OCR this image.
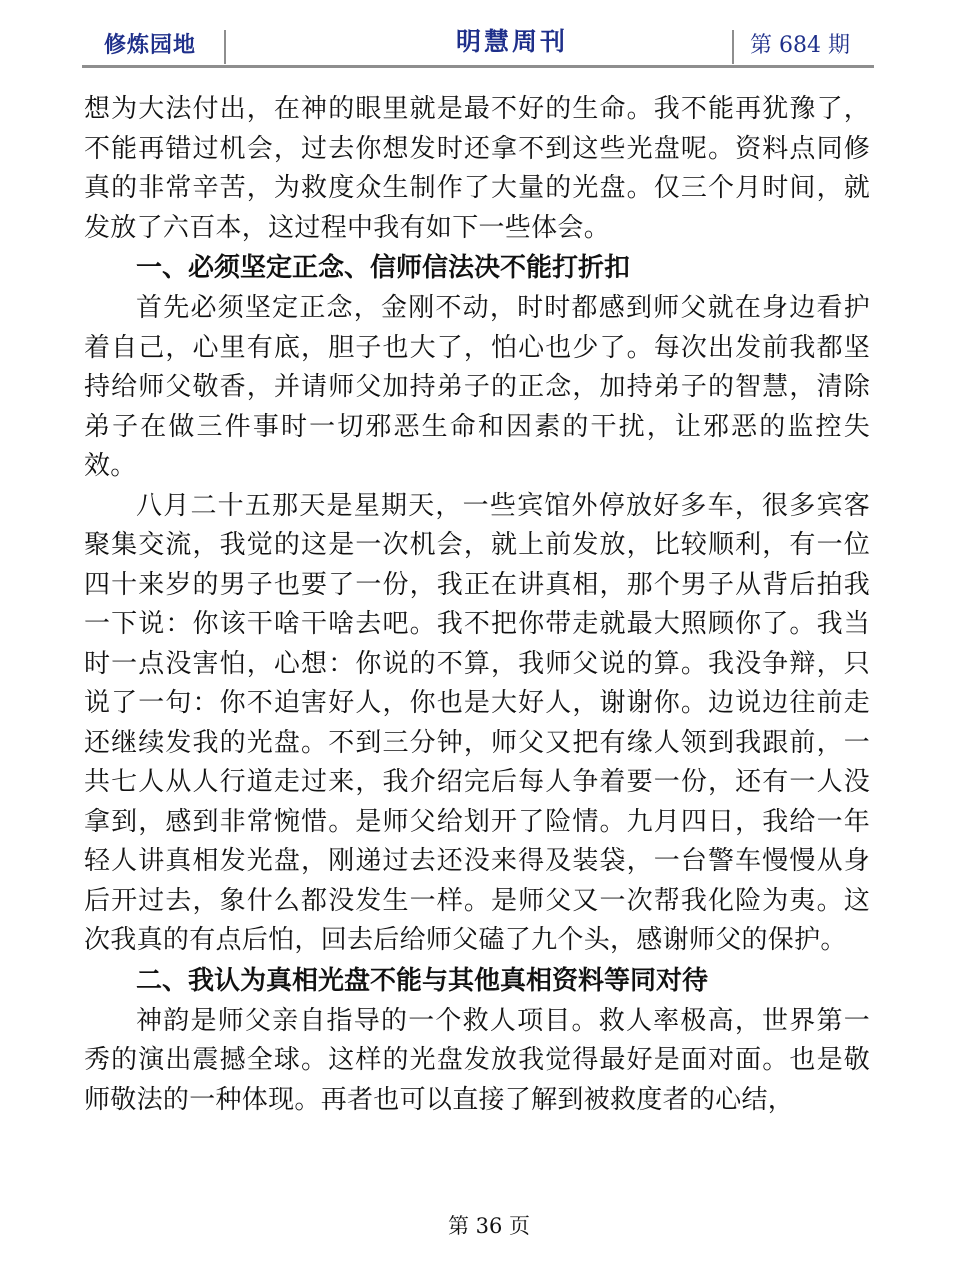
修炼园地	明慧周刊	第 684 期

想为大法付出，在神的眼里就是最不好的生命。我不能再犹豫了，不能再错过机会，过去你想发时还拿不到这些光盘呢。资料点同修真的非常辛苦，为救度众生制作了大量的光盘。仅三个月时间，就发放了六百本，这过程中我有如下一些体会。

一、必须坚定正念、信师信法决不能打折扣

首先必须坚定正念，金刚不动，时时都感到师父就在身边看护着自己，心里有底，胆子也大了，怕心也少了。每次出发前我都坚持给师父敬香，并请师父加持弟子的正念，加持弟子的智慧，清除弟子在做三件事时一切邪恶生命和因素的干扰，让邪恶的监控失效。

八月二十五那天是星期天，一些宾馆外停放好多车，很多宾客聚集交流，我觉的这是一次机会，就上前发放，比较顺利，有一位四十来岁的男子也要了一份，我正在讲真相，那个男子从背后拍我一下说：你该干啥干啥去吧。我不把你带走就最大照顾你了。我当时一点没害怕，心想：你说的不算，我师父说的算。我没争辩，只说了一句：你不迫害好人，你也是大好人，谢谢你。边说边往前走还继续发我的光盘。不到三分钟，师父又把有缘人领到我跟前，一共七人从人行道走过来，我介绍完后每人争着要一份，还有一人没拿到，感到非常惋惜。是师父给划开了险情。九月四日，我给一年轻人讲真相发光盘，刚递过去还没来得及装袋，一台警车慢慢从身后开过去，象什么都没发生一样。是师父又一次帮我化险为夷。这次我真的有点后怕，回去后给师父磕了九个头，感谢师父的保护。

二、我认为真相光盘不能与其他真相资料等同对待

神韵是师父亲自指导的一个救人项目。救人率极高，世界第一秀的演出震撼全球。这样的光盘发放我觉得最好是面对面。也是敬师敬法的一种体现。再者也可以直接了解到被救度者的心结，

第 36 页
